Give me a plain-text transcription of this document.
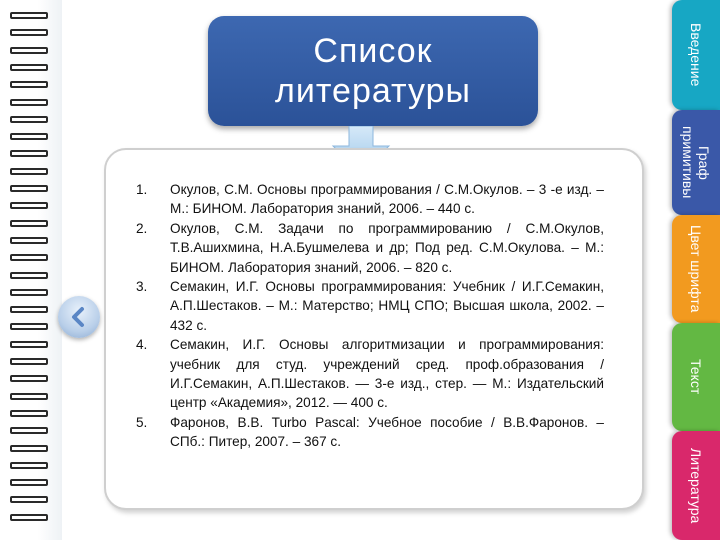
Список
литературы
1. Окулов, С.М. Основы программирования / С.М.Окулов. – 3 -е изд. – М.: БИНОМ. Лаборатория знаний, 2006. – 440 с.
2. Окулов, С.М. Задачи по программированию / С.М.Окулов, Т.В.Ашихмина, Н.А.Бушмелева и др; Под ред. С.М.Окулова. – М.: БИНОМ. Лаборатория знаний, 2006. – 820 с.
3. Семакин, И.Г. Основы программирования: Учебник / И.Г.Семакин, А.П.Шестаков. – М.: Матерство; НМЦ СПО; Высшая школа, 2002. – 432 с.
4. Семакин, И.Г. Основы алгоритмизации и программирования: учебник для студ. учреждений сред. проф.образования / И.Г.Семакин, А.П.Шестаков. — 3-е изд., стер. — М.: Издательский центр «Академия», 2012. — 400 с.
5. Фаронов, В.В. Turbo Pascal: Учебное пособие / В.В.Фаронов. – СПб.: Питер, 2007. – 367 с.
Введение
Граф
примитивы
Цвет шрифта
Текст
Литература
